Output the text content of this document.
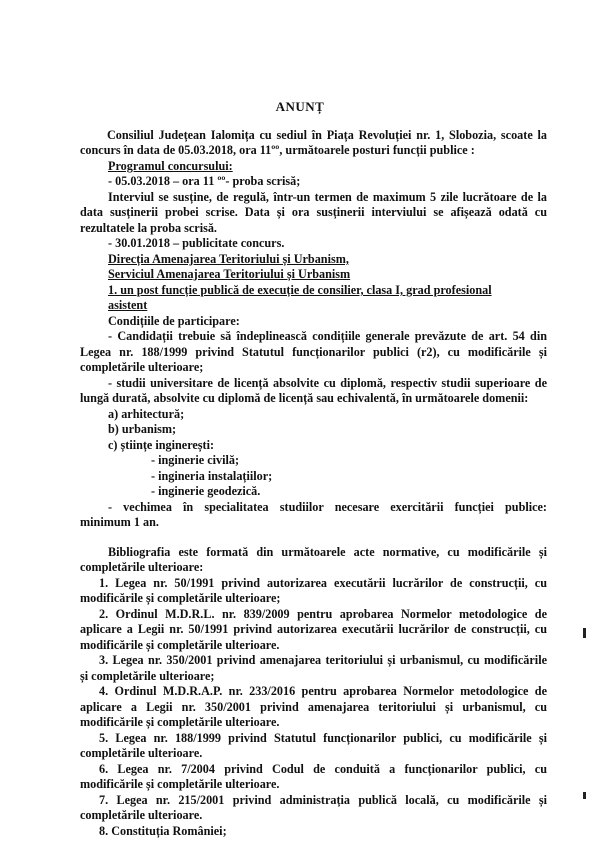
ANUNȚ
Consiliul Județean Ialomița cu sediul în Piața Revoluției nr. 1, Slobozia, scoate la
concurs în data de 05.03.2018, ora 11ºº, următoarele posturi funcții publice :
Programul concursului:
- 05.03.2018 – ora 11 ºº- proba scrisă;
Interviul se susține, de regulă, într-un termen de maximum 5 zile lucrătoare de la
data susținerii probei scrise. Data și ora susținerii interviului se afișează odată cu
rezultatele la proba scrisă.
- 30.01.2018 – publicitate concurs.
Direcția Amenajarea Teritoriului și Urbanism,
Serviciul Amenajarea Teritoriului și Urbanism
1. un post funcție publică de execuție de consilier, clasa I, grad profesional
asistent
Condițiile de participare:
- Candidații trebuie să îndeplinească condițiile generale prevăzute de art. 54 din
Legea nr. 188/1999 privind Statutul funcționarilor publici (r2), cu modificările și
completările ulterioare;
- studii universitare de licență absolvite cu diplomă, respectiv studii superioare de
lungă durată, absolvite cu diplomă de licență sau echivalentă, în următoarele domenii:
a) arhitectură;
b) urbanism;
c) științe inginerești:
- inginerie civilă;
- ingineria instalațiilor;
- inginerie geodezică.
- vechimea în specialitatea studiilor necesare exercitării funcției publice:
minimum 1 an.
Bibliografia este formată din următoarele acte normative, cu modificările și
completările ulterioare:
1. Legea nr. 50/1991 privind autorizarea executării lucrărilor de construcții, cu
modificările și completările ulterioare;
2. Ordinul M.D.R.L. nr. 839/2009 pentru aprobarea Normelor metodologice de
aplicare a Legii nr. 50/1991 privind autorizarea executării lucrărilor de construcții, cu
modificările și completările ulterioare.
3. Legea nr. 350/2001 privind amenajarea teritoriului și urbanismul, cu modificările
și completările ulterioare;
4. Ordinul M.D.R.A.P. nr. 233/2016 pentru aprobarea Normelor metodologice de
aplicare a Legii nr. 350/2001 privind amenajarea teritoriului și urbanismul, cu
modificările și completările ulterioare.
5. Legea nr. 188/1999 privind Statutul funcționarilor publici, cu modificările și
completările ulterioare.
6. Legea nr. 7/2004 privind Codul de conduită a funcționarilor publici, cu
modificările și completările ulterioare.
7. Legea nr. 215/2001 privind administrația publică locală, cu modificările și
completările ulterioare.
8. Constituția României;
